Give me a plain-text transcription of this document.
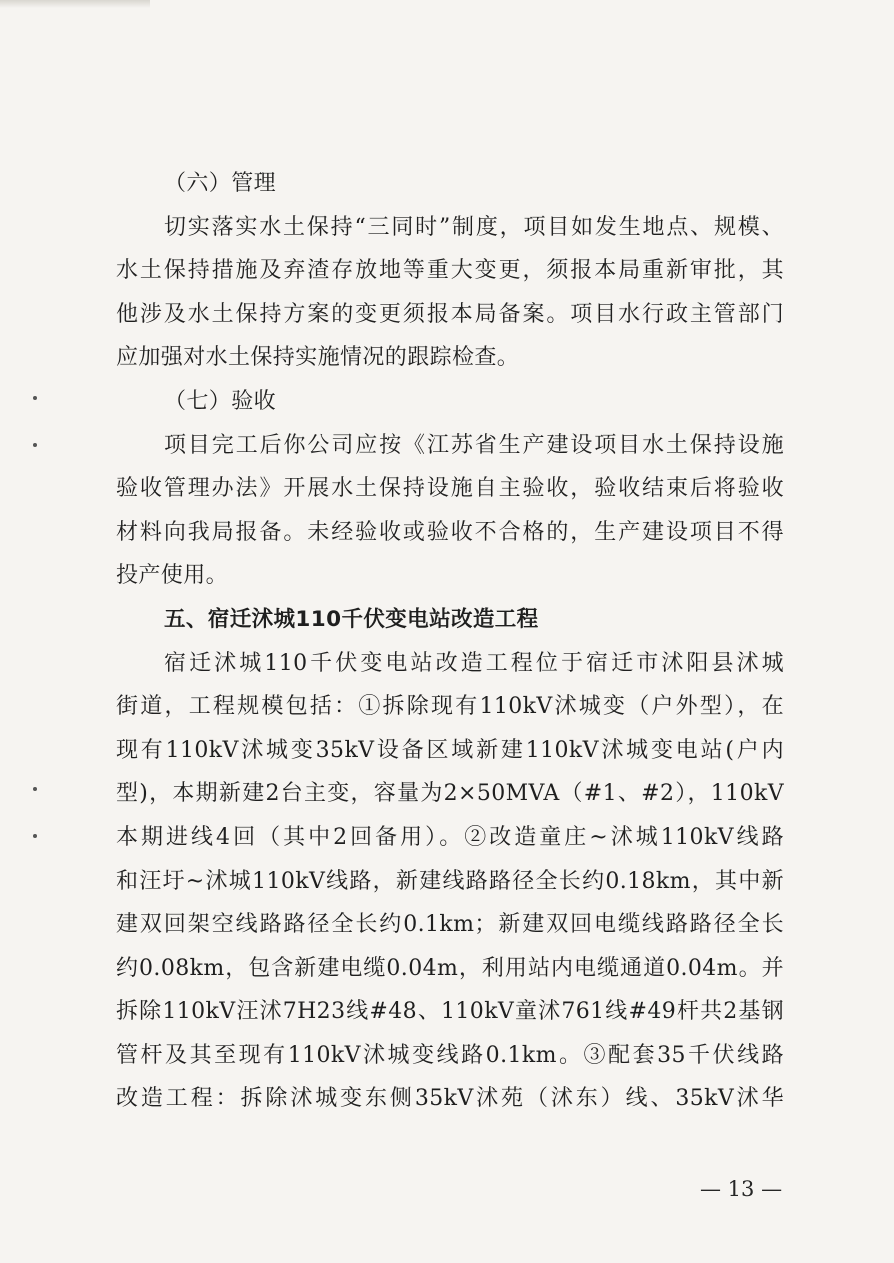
（六）管理
切实落实水土保持“三同时”制度，项目如发生地点、规模、
水土保持措施及弃渣存放地等重大变更，须报本局重新审批，其
他涉及水土保持方案的变更须报本局备案。项目水行政主管部门
应加强对水土保持实施情况的跟踪检查。
（七）验收
项目完工后你公司应按《江苏省生产建设项目水土保持设施
验收管理办法》开展水土保持设施自主验收，验收结束后将验收
材料向我局报备。未经验收或验收不合格的，生产建设项目不得
投产使用。
五、宿迁沭城110千伏变电站改造工程
宿迁沭城110千伏变电站改造工程位于宿迁市沭阳县沭城
街道，工程规模包括：①拆除现有110kV沭城变（户外型），在
现有110kV沭城变35kV设备区域新建110kV沭城变电站(户内
型)，本期新建2台主变，容量为2×50MVA（#1、#2），110kV
本期进线4回（其中2回备用）。②改造童庄~沭城110kV线路
和汪圩~沭城110kV线路，新建线路路径全长约0.18km，其中新
建双回架空线路路径全长约0.1km；新建双回电缆线路路径全长
约0.08km，包含新建电缆0.04m，利用站内电缆通道0.04m。并
拆除110kV汪沭7H23线#48、110kV童沭761线#49杆共2基钢
管杆及其至现有110kV沭城变线路0.1km。③配套35千伏线路
改造工程：拆除沭城变东侧35kV沭苑（沭东）线、35kV沭华
— 13 —
